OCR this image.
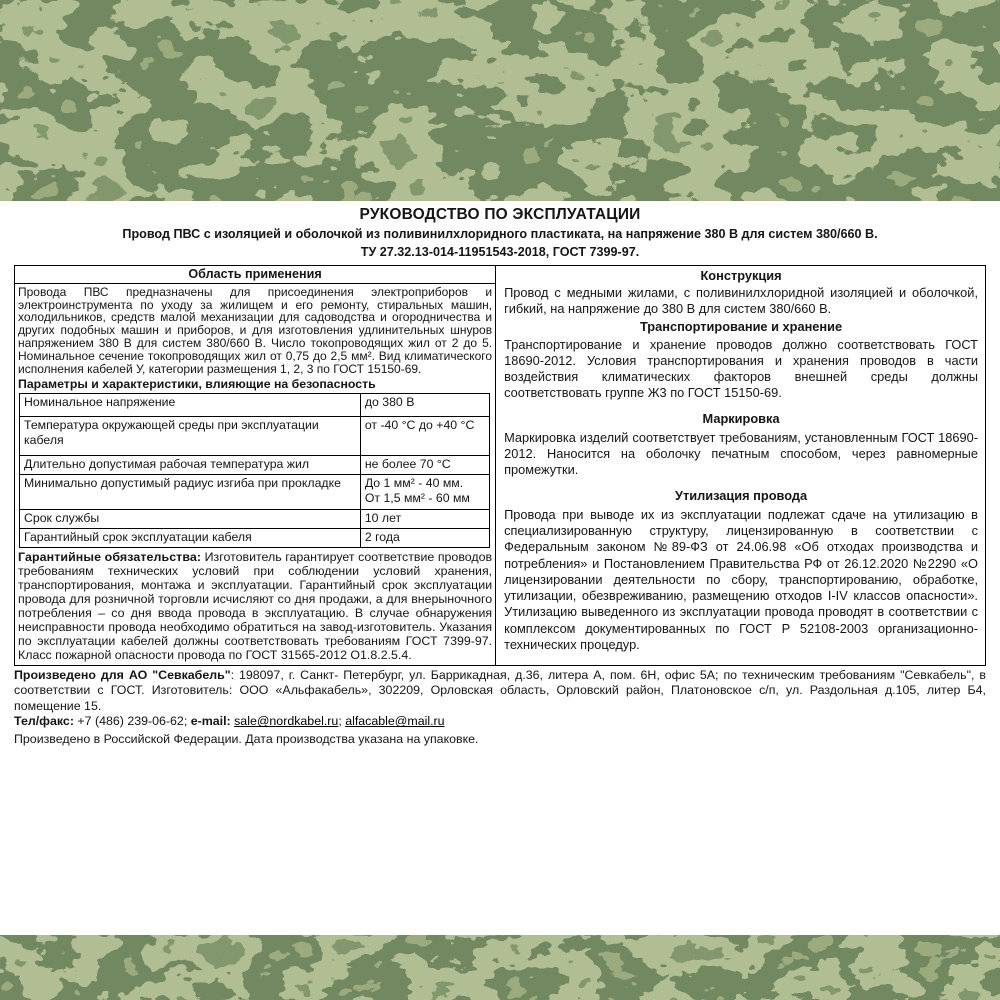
РУКОВОДСТВО ПО ЭКСПЛУАТАЦИИ
Провод ПВС с изоляцией и оболочкой из поливинилхлоридного пластиката, на напряжение 380 В для систем 380/660 В.
ТУ 27.32.13-014-11951543-2018, ГОСТ 7399-97.
Область применения

Провода ПВС предназначены для присоединения электроприборов и электроинструмента по уходу за жилищем и его ремонту, стиральных машин, холодильников, средств малой механизации для садоводства и огородничества и других подобных машин и приборов, и для изготовления удлинительных шнуров напряжением 380 В для систем 380/660 В. Число токопроводящих жил от 2 до 5. Номинальное сечение токопроводящих жил от 0,75 до 2,5 мм². Вид климатического исполнения кабелей У, категории размещения 1, 2, 3 по ГОСТ 15150-69.

Параметры и характеристики, влияющие на безопасность
Номинальное напряжение	до 380 В
Температура окружающей среды при эксплуатации кабеля	от -40 °С до +40 °С
Длительно допустимая рабочая температура жил	не более 70 °С
Минимально допустимый радиус изгиба при прокладке	До 1 мм² - 40 мм.
От 1,5 мм² - 60 мм

Срок службы	10 лет
Гарантийный срок эксплуатации кабеля	2 года

Гарантийные обязательства: Изготовитель гарантирует соответствие проводов требованиям технических условий при соблюдении условий хранения, транспортирования, монтажа и эксплуатации. Гарантийный срок эксплуатации провода для розничной торговли исчисляют со дня продажи, а для внерыночного потребления – со дня ввода провода в эксплуатацию. В случае обнаружения неисправности провода необходимо обратиться на завод-изготовитель. Указания по эксплуатации кабелей должны соответствовать требованиям ГОСТ 7399-97. Класс пожарной опасности провода по ГОСТ 31565-2012 О1.8.2.5.4.

Конструкция

Провод с медными жилами, с поливинилхлоридной изоляцией и оболочкой, гибкий, на напряжение до 380 В для систем 380/660 В.

Транспортирование и хранение

Транспортирование и хранение проводов должно соответствовать ГОСТ 18690-2012. Условия транспортирования и хранения проводов в части воздействия климатических факторов внешней среды должны соответствовать группе Ж3 по ГОСТ 15150-69.

Маркировка

Маркировка изделий соответствует требованиям, установленным ГОСТ 18690-2012. Наносится на оболочку печатным способом, через равномерные промежутки.

Утилизация провода

Провода при выводе их из эксплуатации подлежат сдаче на утилизацию в специализированную структуру, лицензированную в соответствии с Федеральным законом №89-ФЗ от 24.06.98 «Об отходах производства и потребления» и Постановлением Правительства РФ от 26.12.2020 №2290 «О лицензировании деятельности по сбору, транспортированию, обработке, утилизации, обезвреживанию, размещению отходов I-IV классов опасности». Утилизацию выведенного из эксплуатации провода проводят в соответствии с комплексом документированных по ГОСТ Р 52108-2003 организационно-технических процедур.

Произведено для АО "Севкабель": 198097, г. Санкт- Петербург, ул. Баррикадная, д.36, литера А, пом. 6Н, офис 5А; по техническим требованиям "Севкабель", в соответствии с ГОСТ. Изготовитель: ООО «Альфакабель», 302209, Орловская область, Орловский район, Платоновское с/п, ул. Раздольная д.105, литер Б4, помещение 15.

Тел/факс: +7 (486) 239-06-62; e-mail: sale@nordkabel.ru; alfacable@mail.ru

Произведено в Российской Федерации. Дата производства указана на упаковке.
